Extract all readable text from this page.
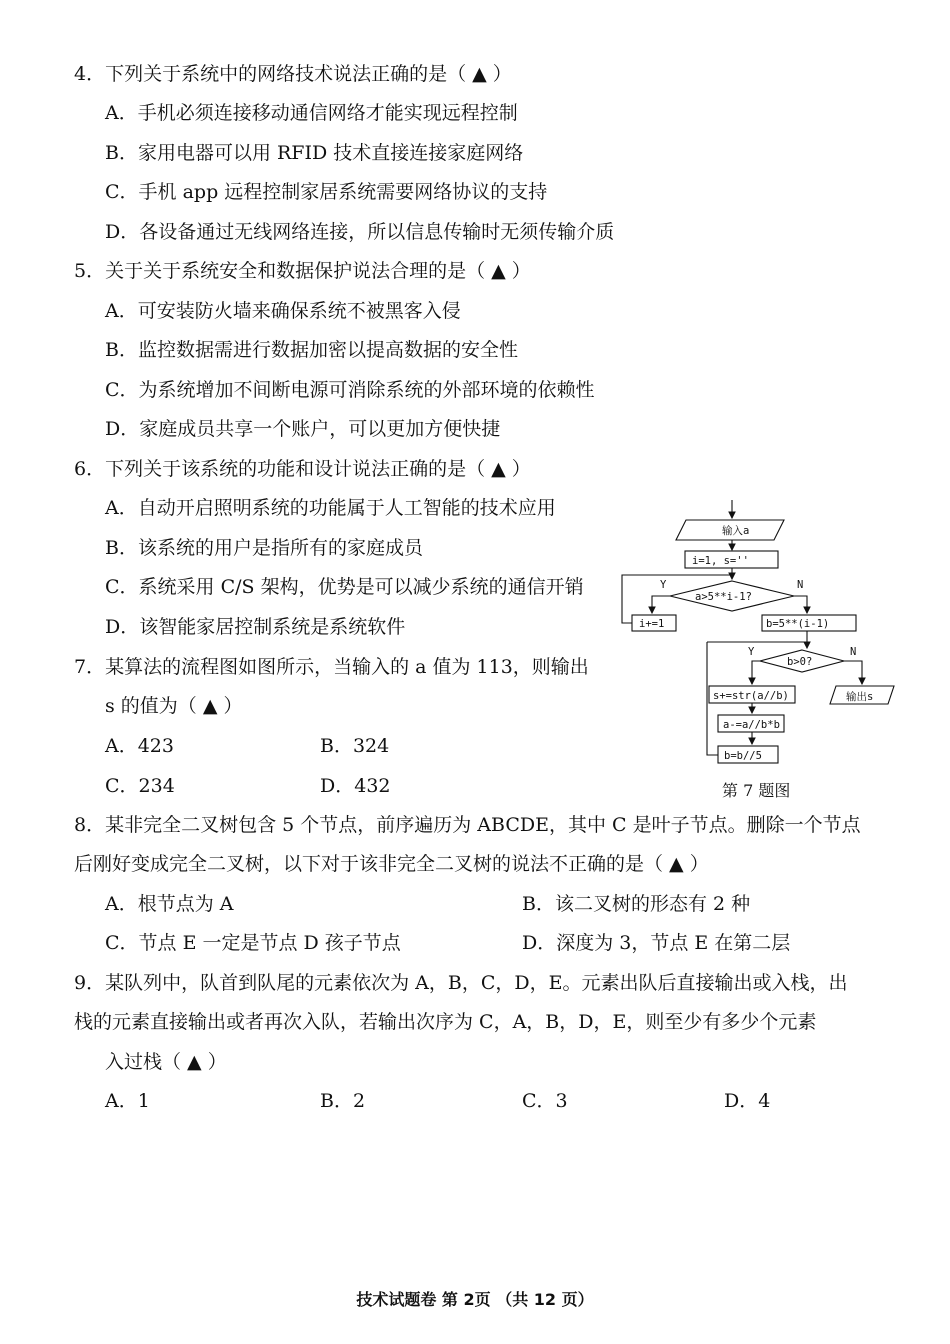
4．下列关于系统中的网络技术说法正确的是（ ▲ ）
A．手机必须连接移动通信网络才能实现远程控制
B．家用电器可以用 RFID 技术直接连接家庭网络
C．手机 app 远程控制家居系统需要网络协议的支持
D．各设备通过无线网络连接，所以信息传输时无须传输介质
5．关于关于系统安全和数据保护说法合理的是（ ▲ ）
A．可安装防火墙来确保系统不被黑客入侵
B．监控数据需进行数据加密以提高数据的安全性
C．为系统增加不间断电源可消除系统的外部环境的依赖性
D．家庭成员共享一个账户，可以更加方便快捷
6．下列关于该系统的功能和设计说法正确的是（ ▲ ）
A．自动开启照明系统的功能属于人工智能的技术应用
B．该系统的用户是指所有的家庭成员
C．系统采用 C/S 架构，优势是可以减少系统的通信开销
D．该智能家居控制系统是系统软件
7．某算法的流程图如图所示，当输入的 a 值为 113，则输出
s 的值为（ ▲ ）
A．423	B．324
C．234	D．432
输入a
i=1, s=''
a>5**i-1?
Y	N
i+=1	b=5**(i-1)
b>0?
Y	N
s+=str(a//b)
a-=a//b*b
b=b//5
输出s
第 7 题图
8．某非完全二叉树包含 5 个节点，前序遍历为 ABCDE，其中 C 是叶子节点。删除一个节点
后刚好变成完全二叉树，以下对于该非完全二叉树的说法不正确的是（ ▲ ）
A．根节点为 A	B．该二叉树的形态有 2 种
C．节点 E 一定是节点 D 孩子节点	D．深度为 3，节点 E 在第二层
9．某队列中，队首到队尾的元素依次为 A，B，C，D，E。元素出队后直接输出或入栈，出
栈的元素直接输出或者再次入队，若输出次序为 C，A，B，D，E，则至少有多少个元素
入过栈（ ▲ ）
A．1	B．2	C．3	D．4
技术试题卷 第 2页 （共 12 页）
